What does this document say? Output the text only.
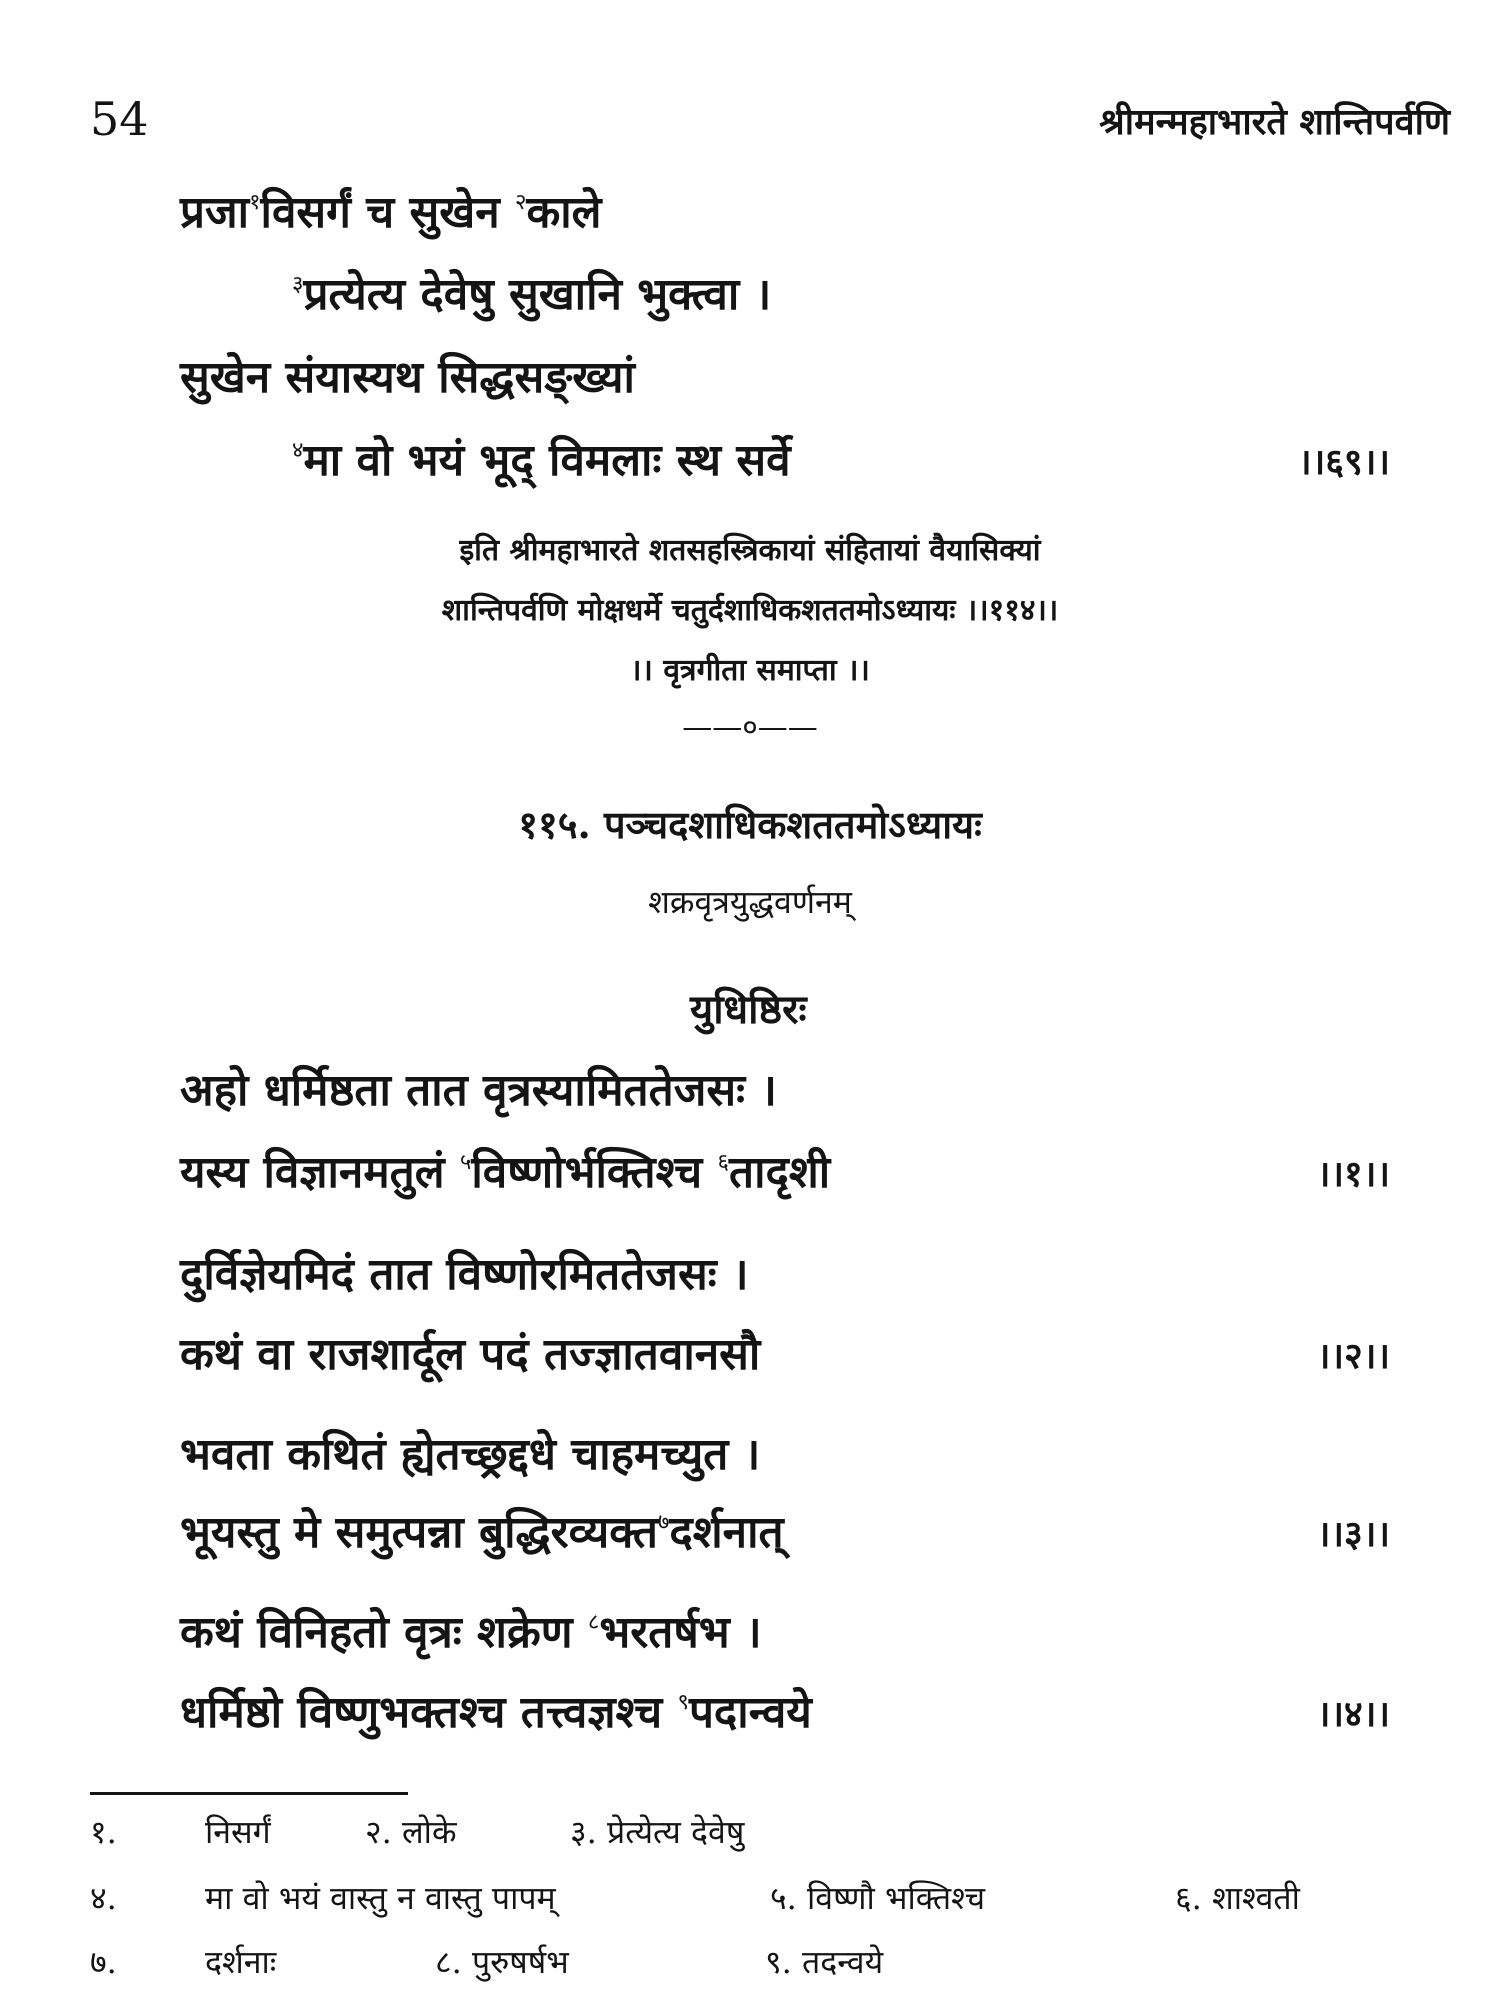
54	श्रीमन्महाभारते शान्तिपर्वणि
प्रजा$^१$विसर्गं च सुखेन $^२$काले
$^३$प्रत्येत्य देवेषु सुखानि भुक्त्वा ।
सुखेन संयास्यथ सिद्धसङ्ख्यां
$^४$मा वो भयं भूद् विमलाः स्थ सर्वे	।।६९।।
इति श्रीमहाभारते शतसहस्त्रिकायां संहितायां वैयासिक्यां
शान्तिपर्वणि मोक्षधर्मे चतुर्दशाधिकशततमोऽध्यायः ।।११४।।
।। वृत्रगीता समाप्ता ।।
——०——
११५. पञ्चदशाधिकशततमोऽध्यायः
शक्रवृत्रयुद्धवर्णनम्
युधिष्ठिरः
अहो धर्मिष्ठता तात वृत्रस्यामिततेजसः ।
यस्य विज्ञानमतुलं $^५$विष्णोर्भक्तिश्च $^६$तादृशी	।।१।।
दुर्विज्ञेयमिदं तात विष्णोरमिततेजसः ।
कथं वा राजशार्दूल पदं तज्ज्ञातवानसौ	।।२।।
भवता कथितं ह्येतच्छ्रद्दधे चाहमच्युत ।
भूयस्तु मे समुत्पन्ना बुद्धिरव्यक्त$^७$दर्शनात्	।।३।।
कथं विनिहतो वृत्रः शक्रेण $^८$भरतर्षभ ।
धर्मिष्ठो विष्णुभक्तश्च तत्त्वज्ञश्च $^९$पदान्वये	।।४।।
१.	निसर्गं	२. लोके	३. प्रेत्येत्य देवेषु
४.	मा वो भयं वास्तु न वास्तु पापम्	५. विष्णौ भक्तिश्च	६. शाश्वती
७.	दर्शनाः	८. पुरुषर्षभ	९. तदन्वये
